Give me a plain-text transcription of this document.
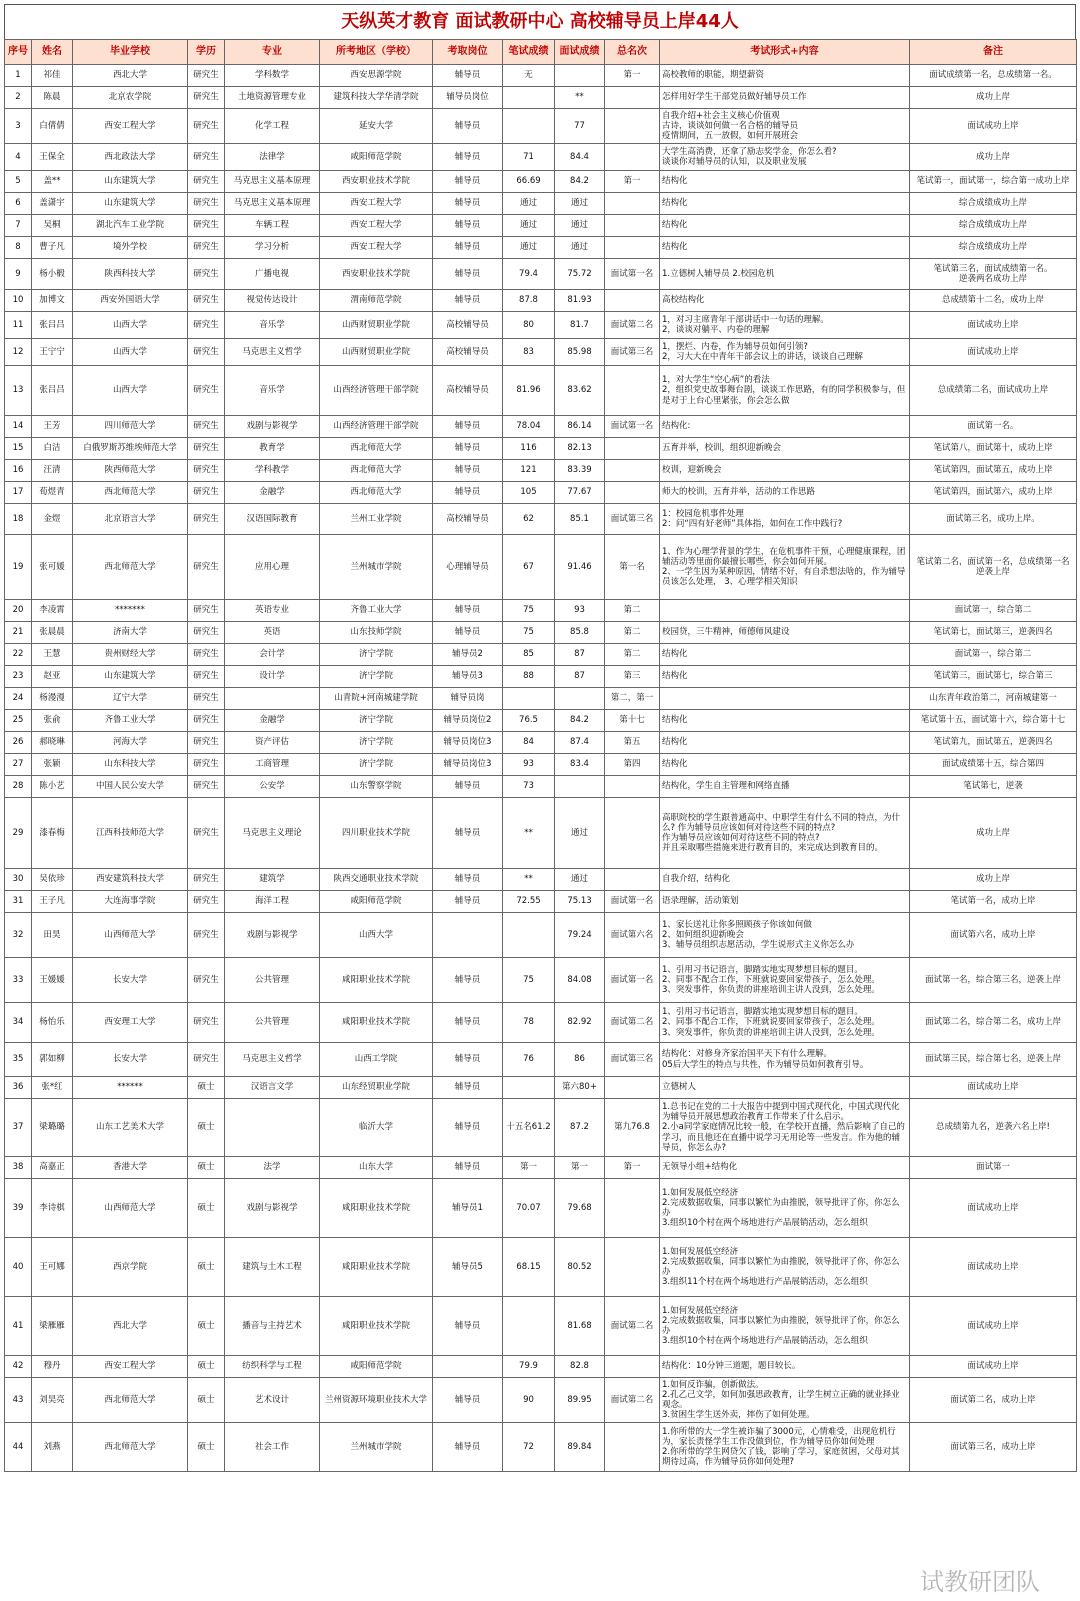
天纵英才教育 面试教研中心 高校辅导员上岸44人
序号	姓名	毕业学校	学历	专业	所考地区（学校）	考取岗位	笔试成绩	面试成绩	总名次	考试形式+内容	备注
1	祁佳	西北大学	研究生	学科数学	西安思源学院	辅导员	无		第一	高校教师的职能，期望薪资	面试成绩第一名，总成绩第一名。
2	陈晨	北京农学院	研究生	土地资源管理专业	建筑科技大学华清学院	辅导员岗位		**		怎样用好学生干部党员做好辅导员工作	成功上岸
3	白倩倩	西安工程大学	研究生	化学工程	延安大学	辅导员		77		自我介绍+社会主义核心价值观
古诗，谈谈如何做一名合格的辅导员
疫情期间，五一放假，如何开展班会	面试成功上岸
4	王保全	西北政法大学	研究生	法律学	咸阳师范学院	辅导员	71	84.4		大学生高消费，还拿了励志奖学金，你怎么看?
谈谈你对辅导员的认知，以及职业发展	成功上岸
5	盖**	山东建筑大学	研究生	马克思主义基本原理	西安职业技术学院	辅导员	66.69	84.2	第一	结构化	笔试第一，面试第一，综合第一成功上岸
6	盖潇宇	山东建筑大学	研究生	马克思主义基本原理	西安工程大学	辅导员	通过	通过		结构化	综合成绩成功上岸
7	吴桐	湖北汽车工业学院	研究生	车辆工程	西安工程大学	辅导员	通过	通过		结构化	综合成绩成功上岸
8	曹子凡	境外学校	研究生	学习分析	西安工程大学	辅导员	通过	通过		结构化	综合成绩成功上岸
9	杨小椴	陕西科技大学	研究生	广播电视	西安职业技术学院	辅导员	79.4	75.72	面试第一名	1.立德树人辅导员 2.校园危机	笔试第三名，面试成绩第一名。
逆袭两名成功上岸
10	加博文	西安外国语大学	研究生	视觉传达设计	渭南师范学院	辅导员	87.8	81.93		高校结构化	总成绩第十二名，成功上岸
11	张吕吕	山西大学	研究生	音乐学	山西财贸职业学院	高校辅导员	80	81.7	面试第二名	1，对习主席青年干部讲话中一句话的理解。
2，谈谈对躺平、内卷的理解	面试成功上岸
12	王宁宁	山西大学	研究生	马克思主义哲学	山西财贸职业学院	高校辅导员	83	85.98	面试第三名	1，摆烂、内卷，作为辅导员如何引领?
2，习大大在中青年干部会议上的讲话，谈谈自己理解	面试成功上岸
13	张吕吕	山西大学	研究生	音乐学	山西经济管理干部学院	高校辅导员	81.96	83.62		1，对大学生“空心病”的看法
2，组织党史故事舞台剧，谈谈工作思路，有的同学积极参与，但是对于上台心里紧张，你会怎么做	总成绩第二名，面试成功上岸
14	王芳	四川师范大学	研究生	戏剧与影视学	山西经济管理干部学院	辅导员	78.04	86.14	面试第一名	结构化:	面试第一名。
15	白洁	白俄罗斯苏维埃师范大学	研究生	教育学	西北师范大学	辅导员	116	82.13		五育并举，校训，组织迎新晚会	笔试第八，面试第十，成功上岸
16	汪清	陕西师范大学	研究生	学科教学	西北师范大学	辅导员	121	83.39		校训，迎新晚会	笔试第四，面试第五，成功上岸
17	荀煜青	西北师范大学	研究生	金融学	西北师范大学	辅导员	105	77.67		师大的校训，五育并举，活动的工作思路	笔试第四，面试第六，成功上岸
18	金煜	北京语言大学	研究生	汉语国际教育	兰州工业学院	高校辅导员	62	85.1	面试第三名	1：校园危机事件处理
2：问“四有好老师”具体指，如何在工作中践行?	面试第三名，成功上岸。
19	张可媛	西北师范大学	研究生	应用心理	兰州城市学院	心理辅导员	67	91.46	第一名	1、作为心理学背景的学生，在危机事件干预，心理健康课程，团辅活动等里面你最擅长哪些，你会如何开展。
2、一学生因为某种原因，情绪不好，有自杀想法啥的，作为辅导员该怎么处理， 3、心理学相关知识	笔试第二名，面试第一名，总成绩第一名
逆袭上岸
20	李凌霄	*******	研究生	英语专业	齐鲁工业大学	辅导员	75	93	第二		面试第一，综合第二
21	张晨晨	济南大学	研究生	英语	山东技师学院	辅导员	75	85.8	第二	校园贷，三牛精神，师德师风建设	笔试第七，面试第三，逆袭四名
22	王慧	贵州财经大学	研究生	会计学	济宁学院	辅导员2	85	87	第二	结构化	面试第一，综合第二
23	赵亚	山东建筑大学	研究生	设计学	济宁学院	辅导员3	88	87	第三	结构化	笔试第三，面试第七，综合第三
24	杨漫漫	辽宁大学	研究生		山青院+河南城建学院	辅导员岗			第二，第一		山东青年政治第二，河南城建第一
25	张俞	齐鲁工业大学	研究生	金融学	济宁学院	辅导员岗位2	76.5	84.2	第十七	结构化	笔试第十五，面试第十六，综合第十七
26	郝晓琳	河海大学	研究生	资产评估	济宁学院	辅导员岗位3	84	87.4	第五	结构化	笔试第九，面试第五，逆袭四名
27	张颖	山东科技大学	研究生	工商管理	济宁学院	辅导员岗位3	93	83.4	第四	结构化	面试成绩第十五，综合第四
28	陈小艺	中国人民公安大学	研究生	公安学	山东警察学院	辅导员	73			结构化，学生自主管理和网络直播	笔试第七，逆袭
29	漆春梅	江西科技师范大学	研究生	马克思主义理论	四川职业技术学院	辅导员	**	通过		高职院校的学生跟普通高中、中职学生有什么不同的特点，为什么? 作为辅导员应该如何对待这些不同的特点?
作为辅导员应该如何对待这些不同的特点?
并且采取哪些措施来进行教育目的，来完成达到教育目的。	成功上岸
30	吴依珍	西安建筑科技大学	研究生	建筑学	陕西交通职业技术学院	辅导员	**	通过		自我介绍，结构化	成功上岸
31	王子凡	大连海事学院	研究生	海洋工程	咸阳师范学院	辅导员	72.55	75.13	面试第一名	语录理解，活动策划	笔试第一名，成功上岸
32	田昊	山西师范大学	研究生	戏剧与影视学	山西大学			79.24	面试第六名	1、家长送礼让你多照顾孩子你该如何做
2、如何组织迎新晚会
3、辅导员组织志愿活动，学生说形式主义你怎么办	面试第六名，成功上岸
33	王媛媛	长安大学	研究生	公共管理	咸阳职业技术学院	辅导员	75	84.08	面试第一名	1、引用习书记语言，脚踏实地实现梦想目标的题目。
2、同事不配合工作，下班就说要回家带孩子，怎么处理。
3、突发事件，你负责的讲座培训主讲人没到，怎么处理。	面试第一名，综合第三名，逆袭上岸
34	杨怡乐	西安理工大学	研究生	公共管理	咸阳职业技术学院	辅导员	78	82.92	面试第二名	1、引用习书记语言，脚踏实地实现梦想目标的题目。
2、同事不配合工作，下班就说要回家带孩子，怎么处理。
3、突发事件，你负责的讲座培训主讲人没到，怎么处理。	面试第二名，综合第二名，成功上岸
35	郭如柳	长安大学	研究生	马克思主义哲学	山西工学院	辅导员	76	86	面试第三名	结构化：对修身齐家治国平天下有什么理解。
05后大学生的特点与共性，作为辅导员如何教育引导。	面试第三民，综合第七名，逆袭上岸
36	张*红	******	硕士	汉语言文学	山东经贸职业学院	辅导员		第六80+		立德树人	面试成功上岸
37	梁璐璐	山东工艺美术大学	硕士		临沂大学	辅导员	十五名61.2	87.2	第九76.8	1.总书记在党的二十大报告中提到中国式现代化，中国式现代化为辅导员开展思想政治教育工作带来了什么启示。
2.小a同学家庭情况比较一般，在学校开直播，然后影响了自己的学习，而且他还在直播中说学习无用论等一些发言。作为他的辅导员，你怎么办?	总成绩第九名，逆袭六名上岸!
38	高嘉正	香港大学	硕士	法学	山东大学	辅导员	第一	第一	第一	无领导小组+结构化	面试第一
39	李诗棋	山西师范大学	硕士	戏剧与影视学	咸阳职业技术学院	辅导员1	70.07	79.68		1.如何发展低空经济
2.完成数据收集，同事以繁忙为由推脱，领导批评了你，你怎么办
3.组织10个村在两个场地进行产品展销活动，怎么组织	面试成功上岸
40	王可娜	西京学院	硕士	建筑与土木工程	咸阳职业技术学院	辅导员5	68.15	80.52		1.如何发展低空经济
2.完成数据收集，同事以繁忙为由推脱，领导批评了你，你怎么办
3.组织11个村在两个场地进行产品展销活动，怎么组织	面试成功上岸
41	梁雁雁	西北大学	硕士	播音与主持艺术	咸阳职业技术学院	辅导员		81.68	面试第二名	1.如何发展低空经济
2.完成数据收集，同事以繁忙为由推脱，领导批评了你，你怎么办
3.组织10个村在两个场地进行产品展销活动，怎么组织	面试成功上岸
42	穆丹	西安工程大学	硕士	纺织科学与工程	咸阳师范学院		79.9	82.8		结构化：10分钟三道题，题目较长。	面试成功上岸
43	刘昊亮	西北师范大学	硕士	艺术设计	兰州资源环境职业技术大学	辅导员	90	89.95	面试第二名	1.如何反诈骗，创新做法。
2.孔乙己文学，如何加强思政教育，让学生树立正确的就业择业观念。
3.贫困生学生送外卖，摔伤了如何处理。	面试第二名，成功上岸
44	刘燕	西北师范大学	硕士	社会工作	兰州城市学院	辅导员	72	89.84		1.你所带的大一学生被诈骗了3000元，心情难受，出现危机行为，家长责怪学生工作没做到位，作为辅导员你如何处理
2.你所带的学生网贷欠了钱，影响了学习，家庭贫困，父母对其期待过高，作为辅导员你如何处理?	面试第三名，成功上岸
试教研团队
